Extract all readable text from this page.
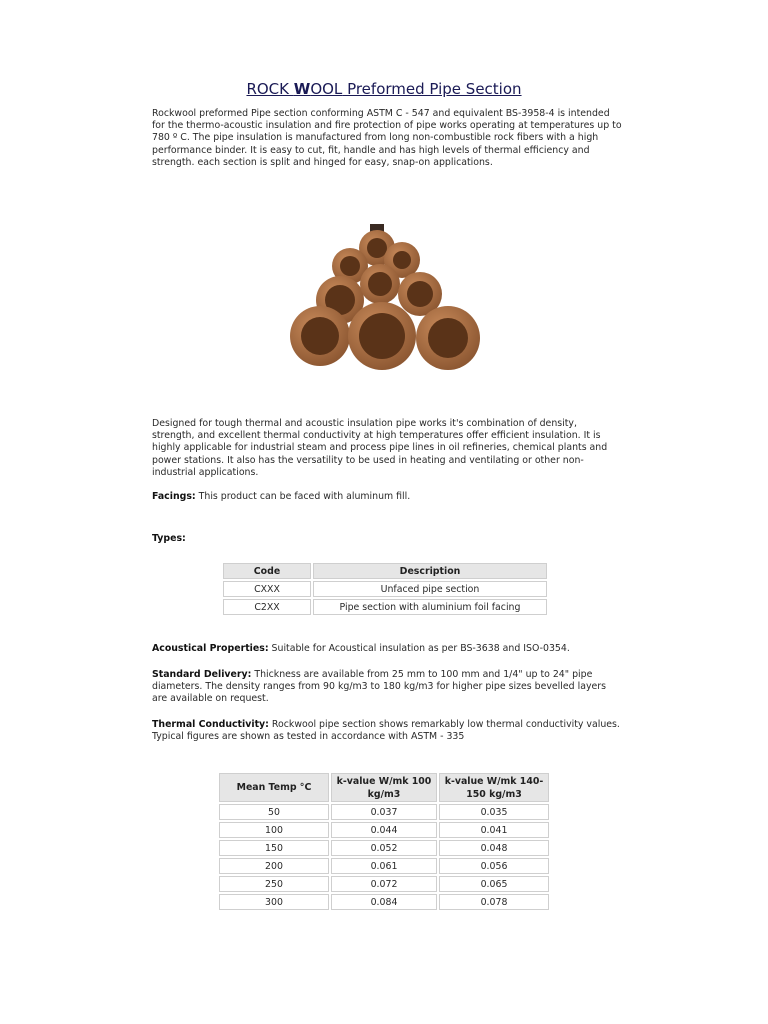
ROCK WOOL Preformed Pipe Section

Rockwool preformed Pipe section conforming ASTM C - 547 and equivalent BS-3958-4 is intended for the thermo-acoustic insulation and fire protection of pipe works operating at temperatures up to 780 º C. The pipe insulation is manufactured from long non-combustible rock fibers with a high performance binder. It is easy to cut, fit, handle and has high levels of thermal efficiency and strength. each section is split and hinged for easy, snap-on applications.

Designed for tough thermal and acoustic insulation pipe works it's combination of density, strength, and excellent thermal conductivity at high temperatures offer efficient insulation. It is highly applicable for industrial steam and process pipe lines in oil refineries, chemical plants and power stations. It also has the versatility to be used in heating and ventilating or other non-industrial applications.

Facings: This product can be faced with aluminum fill.

Types:

Code	Description
CXXX	Unfaced pipe section
C2XX	Pipe section with aluminium foil facing

Acoustical Properties: Suitable for Acoustical insulation as per BS-3638 and ISO-0354.

Standard Delivery: Thickness are available from 25 mm to 100 mm and 1/4" up to 24" pipe diameters. The density ranges from 90 kg/m3 to 180 kg/m3 for higher pipe sizes bevelled layers are available on request.

Thermal Conductivity: Rockwool pipe section shows remarkably low thermal conductivity values. Typical figures are shown as tested in accordance with ASTM - 335

Mean Temp °C	k-value W/mk 100 kg/m3	k-value W/mk 140-150 kg/m3
50	0.037	0.035
100	0.044	0.041
150	0.052	0.048
200	0.061	0.056
250	0.072	0.065
300	0.084	0.078
